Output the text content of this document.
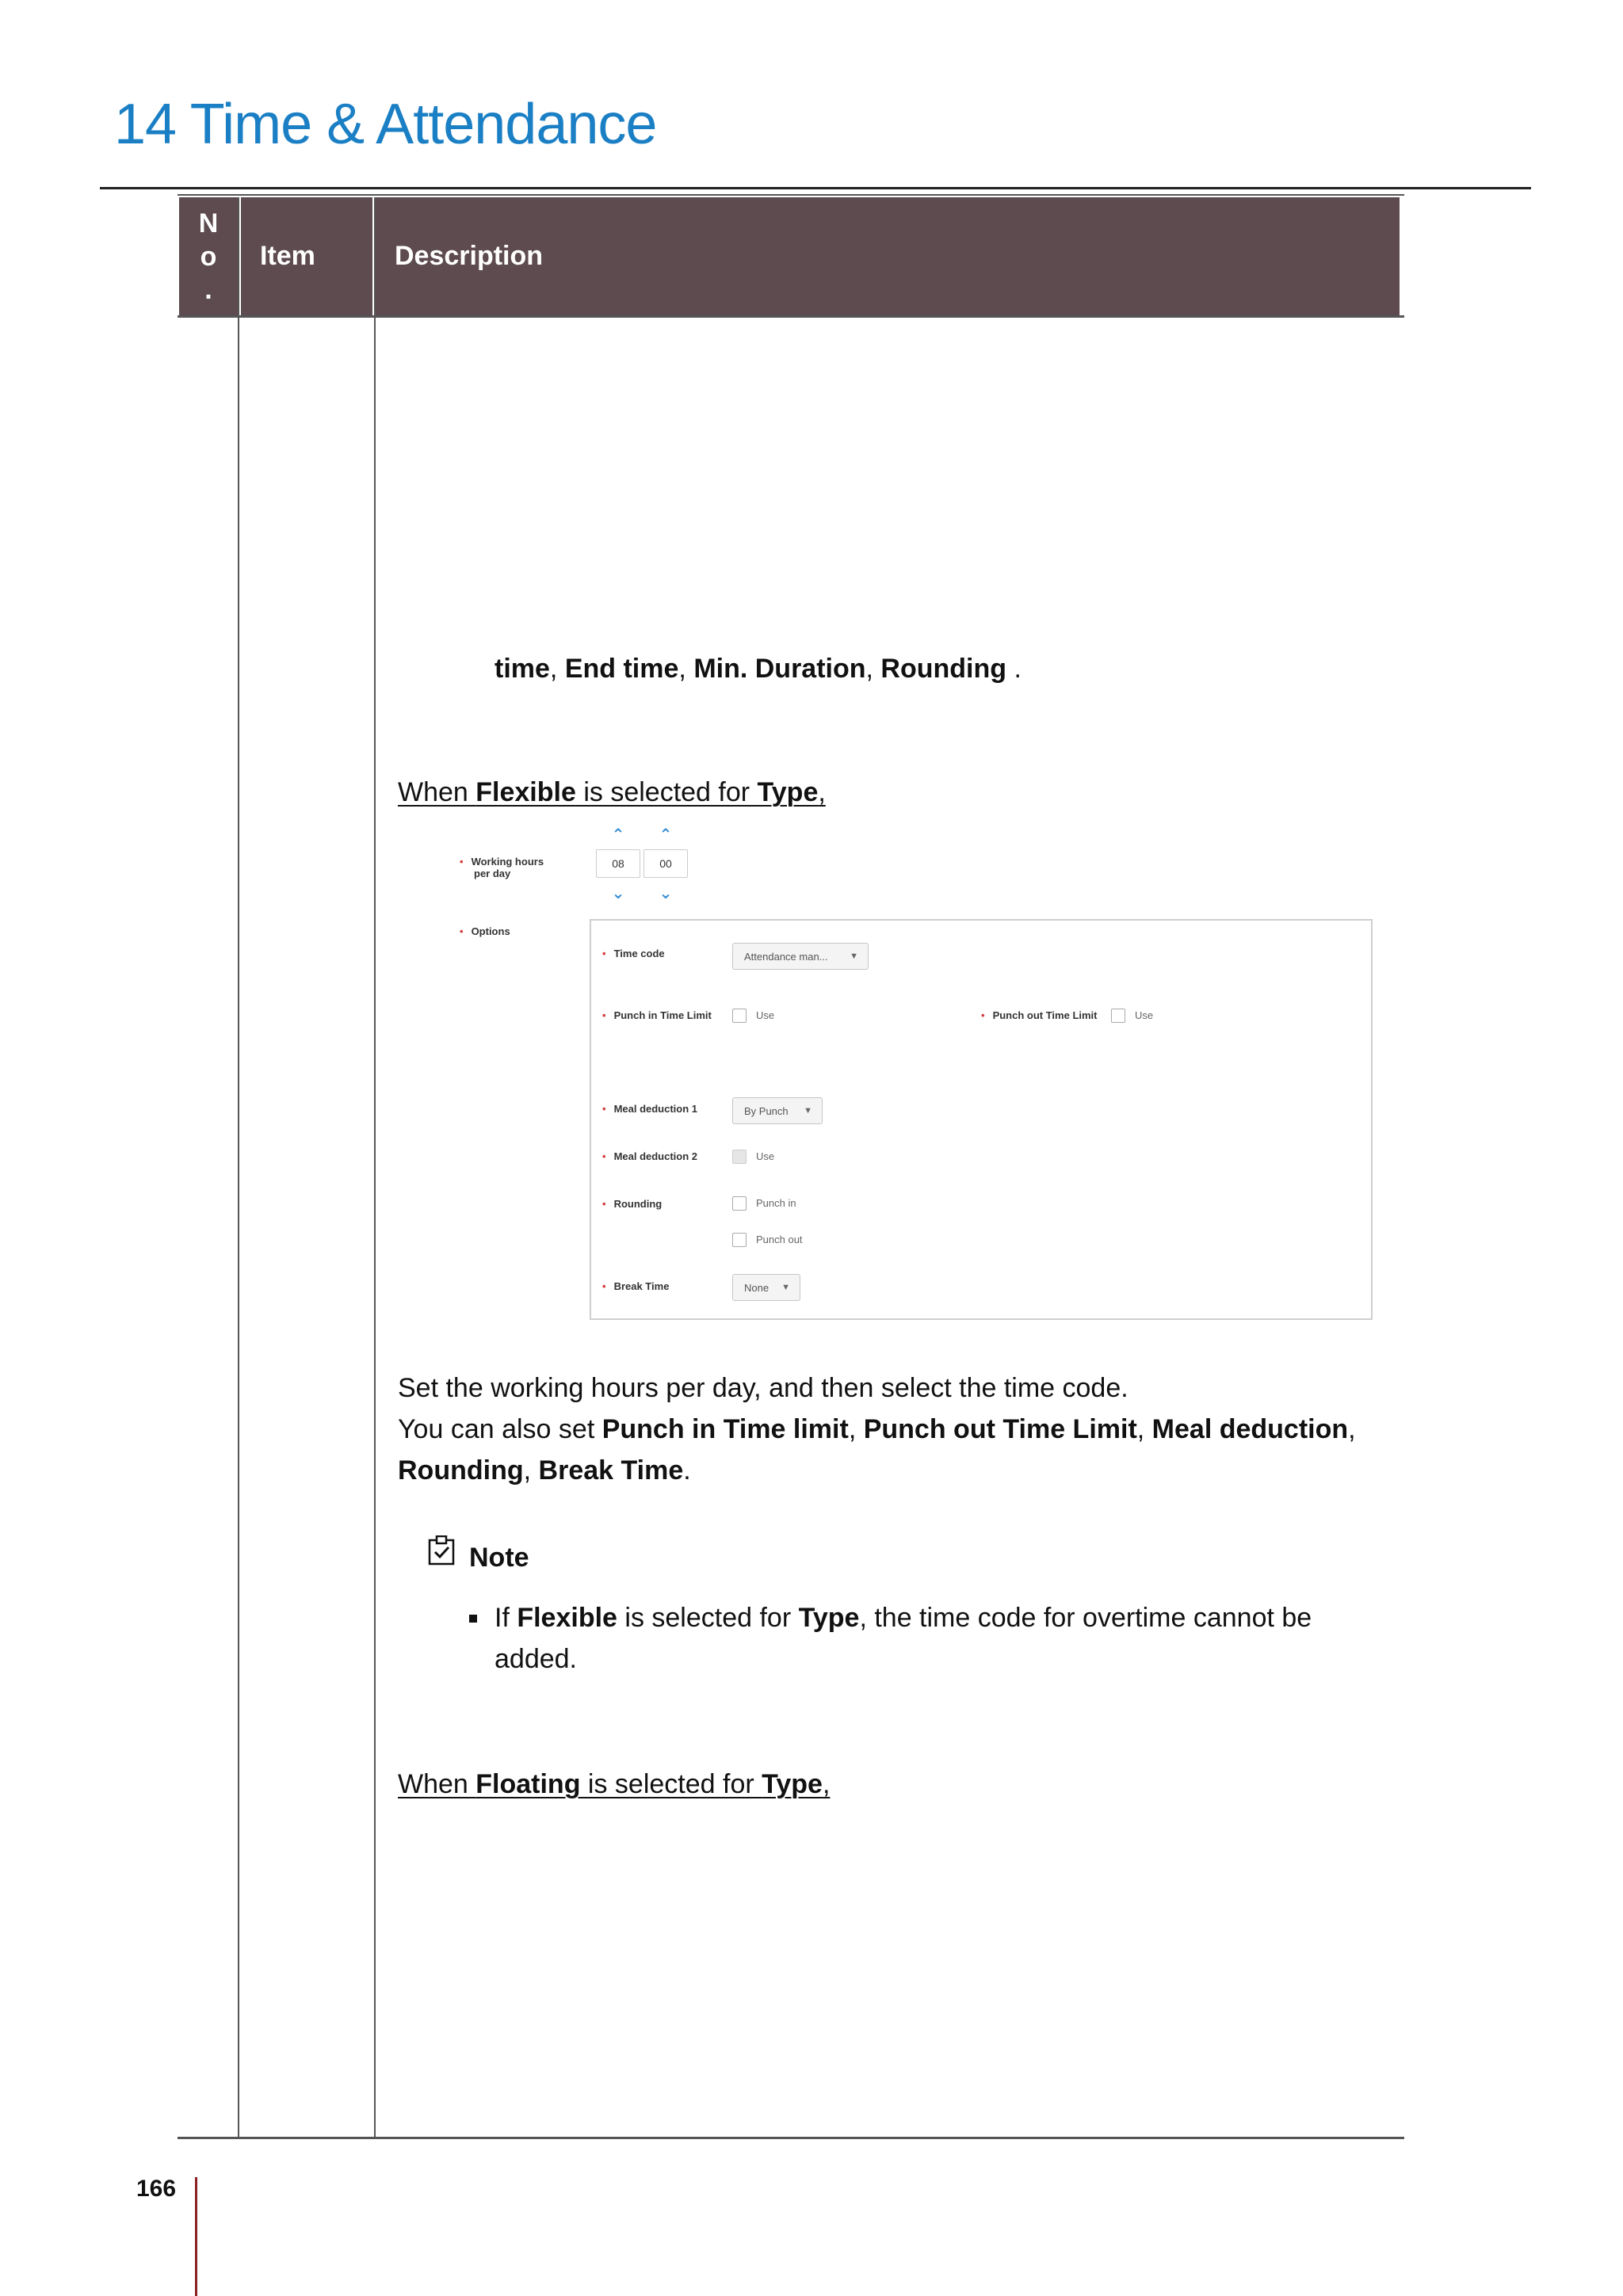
14 Time & Attendance
N
o
.
Item	Description
time, End time, Min. Duration, Rounding .
When Flexible is selected for Type,
• Working hours
per day
⌃	⌃
08	00
⌄	⌄
• Options
• Time code	Attendance man...	▼
• Punch in Time Limit	Use	• Punch out Time Limit	Use
• Meal deduction 1	By Punch ▼
• Meal deduction 2	Use
• Rounding	Punch in
Punch out
• Break Time	None ▼
Set the working hours per day, and then select the time code.
You can also set Punch in Time limit, Punch out Time Limit, Meal deduction,
Rounding, Break Time.
Note
If Flexible is selected for Type, the time code for overtime cannot be
added.
When Floating is selected for Type,
166
